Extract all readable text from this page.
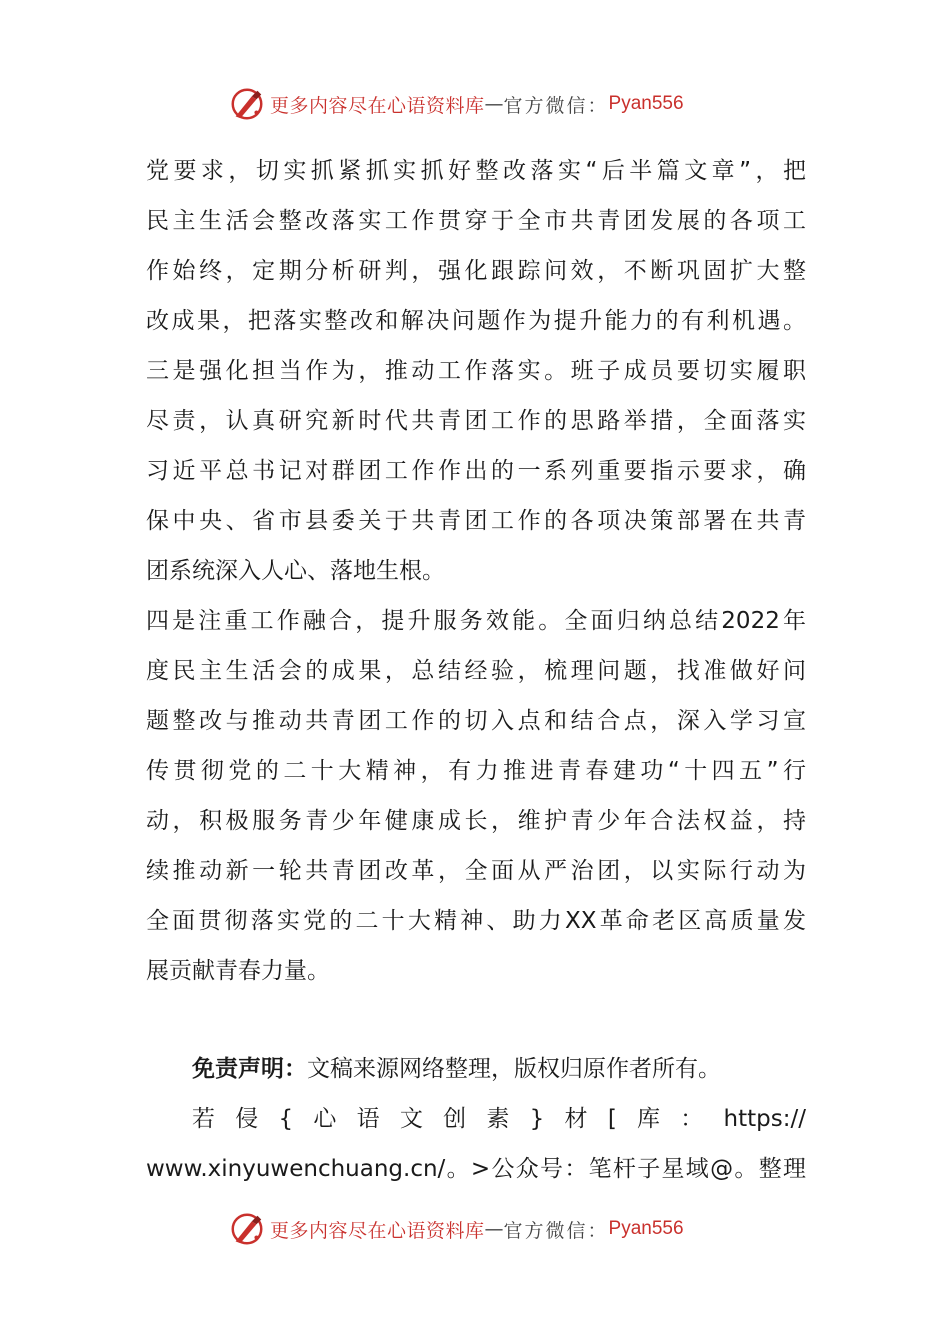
更多内容尽在心语资料库 — 官方微信： Pyan556
党要求，切实抓紧抓实抓好整改落实“后半篇文章”，把
民主生活会整改落实工作贯穿于全市共青团发展的各项工
作始终，定期分析研判，强化跟踪问效，不断巩固扩大整
改成果，把落实整改和解决问题作为提升能力的有利机遇。
三是强化担当作为，推动工作落实。班子成员要切实履职
尽责，认真研究新时代共青团工作的思路举措，全面落实
习近平总书记对群团工作作出的一系列重要指示要求，确
保中央、省市县委关于共青团工作的各项决策部署在共青
团系统深入人心、落地生根。
四是注重工作融合，提升服务效能。全面归纳总结2022年
度民主生活会的成果，总结经验，梳理问题，找准做好问
题整改与推动共青团工作的切入点和结合点，深入学习宣
传贯彻党的二十大精神，有力推进青春建功“十四五”行
动，积极服务青少年健康成长，维护青少年合法权益，持
续推动新一轮共青团改革，全面从严治团，以实际行动为
全面贯彻落实党的二十大精神、助力XX革命老区高质量发
展贡献青春力量。
免责声明：文稿来源网络整理，版权归原作者所有。
若侵{心语文创素}材[库：https://
www.xinyuwenchuang.cn/。>公众号：笔杆子星域@。整理
更多内容尽在心语资料库 — 官方微信： Pyan556
